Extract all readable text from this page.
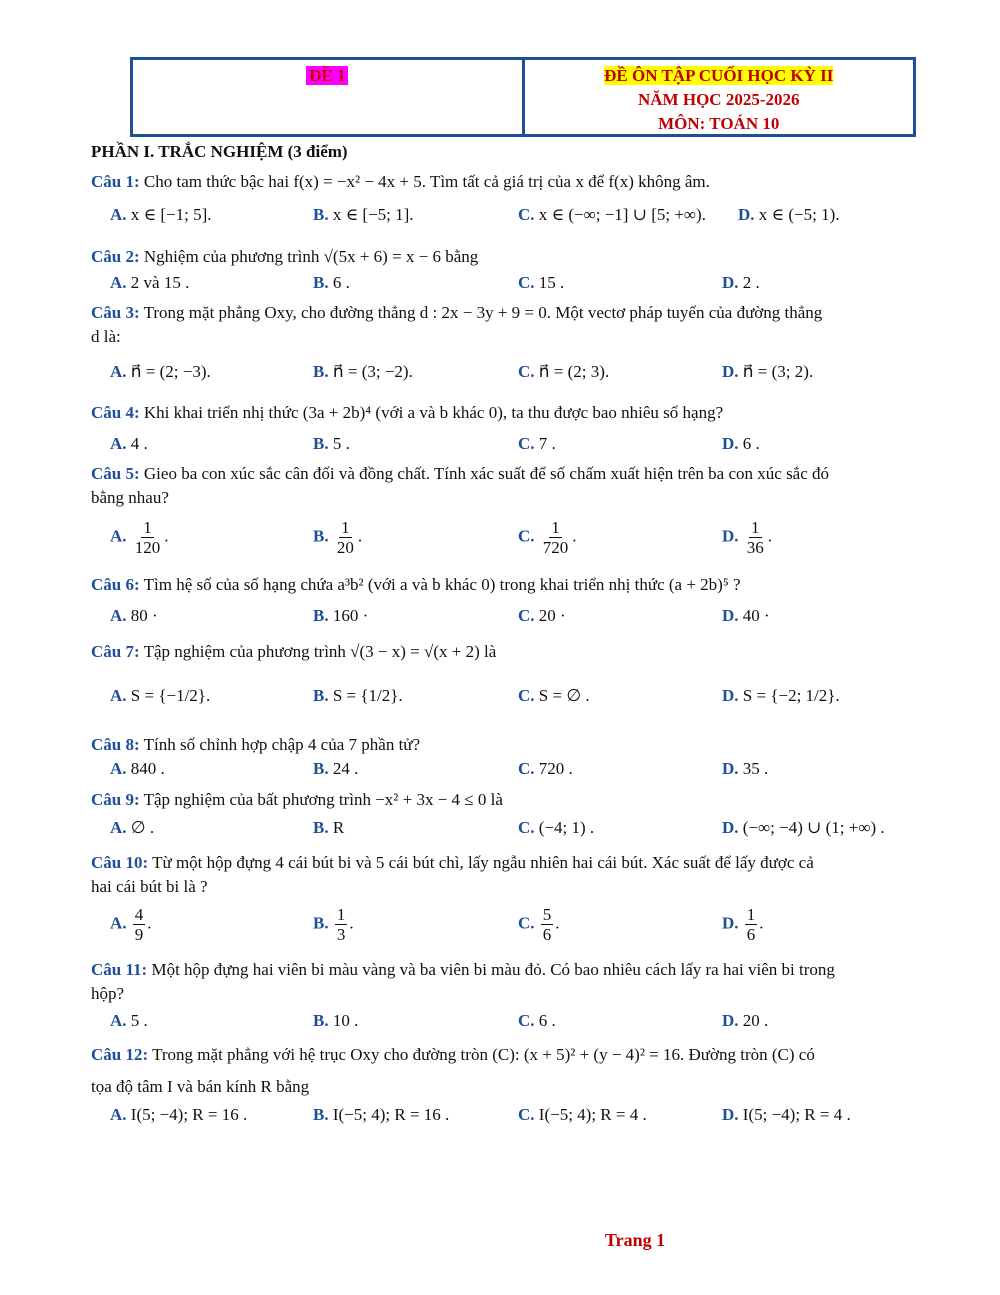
ĐỀ 1	ĐỀ ÔN TẬP CUỐI HỌC KỲ II
NĂM HỌC 2025-2026
MÔN: TOÁN 10
PHẦN I. TRẮC NGHIỆM (3 điểm)
Câu 1: Cho tam thức bậc hai f(x) = −x² − 4x + 5. Tìm tất cả giá trị của x để f(x) không âm.
A. x ∈ [−1; 5].	B. x ∈ [−5; 1].	C. x ∈ (−∞; −1] ∪ [5; +∞). D. x ∈ (−5; 1).
Câu 2: Nghiệm của phương trình √(5x + 6) = x − 6 bằng
A. 2 và 15 .	B. 6 .	C. 15 .	D. 2 .
Câu 3: Trong mặt phẳng Oxy, cho đường thẳng d : 2x − 3y + 9 = 0. Một vectơ pháp tuyến của đường thẳng
d là:
A. n⃗ = (2; −3).	B. n⃗ = (3; −2).	C. n⃗ = (2; 3).	D. n⃗ = (3; 2).
Câu 4: Khi khai triển nhị thức (3a + 2b)⁴ (với a và b khác 0), ta thu được bao nhiêu số hạng?
A. 4 .	B. 5 .	C. 7 .	D. 6 .
Câu 5: Gieo ba con xúc sắc cân đối và đồng chất. Tính xác suất để số chấm xuất hiện trên ba con xúc sắc đó
bằng nhau?
A. $\frac{1}{120}$ .	B. $\frac{1}{20}$ .	C. $\frac{1}{720}$ .	D. $\frac{1}{36}$ .
Câu 6: Tìm hệ số của số hạng chứa a³b² (với a và b khác 0) trong khai triển nhị thức (a + 2b)⁵ ?
A. 80 ·	B. 160 ·	C. 20 ·	D. 40 ·
Câu 7: Tập nghiệm của phương trình √(3 − x) = √(x + 2) là
A. S = {−1/2}.	B. S = {1/2}.	C. S = ∅ .	D. S = {−2; 1/2}.
Câu 8: Tính số chỉnh hợp chập 4 của 7 phần tử?
A. 840 .	B. 24 .	C. 720 .	D. 35 .
Câu 9: Tập nghiệm của bất phương trình −x² + 3x − 4 ≤ 0 là
A. ∅ .	B. R	C. (−4; 1) .	D. (−∞; −4) ∪ (1; +∞) .
Câu 10: Từ một hộp đựng 4 cái bút bi và 5 cái bút chì, lấy ngẫu nhiên hai cái bút. Xác suất để lấy được cả
hai cái bút bi là ?
A. $\frac{4}{9}$ .	B. $\frac{1}{3}$ .	C. $\frac{5}{6}$ .	D. $\frac{1}{6}$ .
Câu 11: Một hộp đựng hai viên bi màu vàng và ba viên bi màu đỏ. Có bao nhiêu cách lấy ra hai viên bi trong
hộp?
A. 5 .	B. 10 .	C. 6 .	D. 20 .
Câu 12: Trong mặt phẳng với hệ trục Oxy cho đường tròn (C): (x + 5)² + (y − 4)² = 16. Đường tròn (C) có
tọa độ tâm I và bán kính R bằng
A. I(5; −4); R = 16 .	B. I(−5; 4); R = 16 .	C. I(−5; 4); R = 4 .	D. I(5; −4); R = 4 .
Trang 1
